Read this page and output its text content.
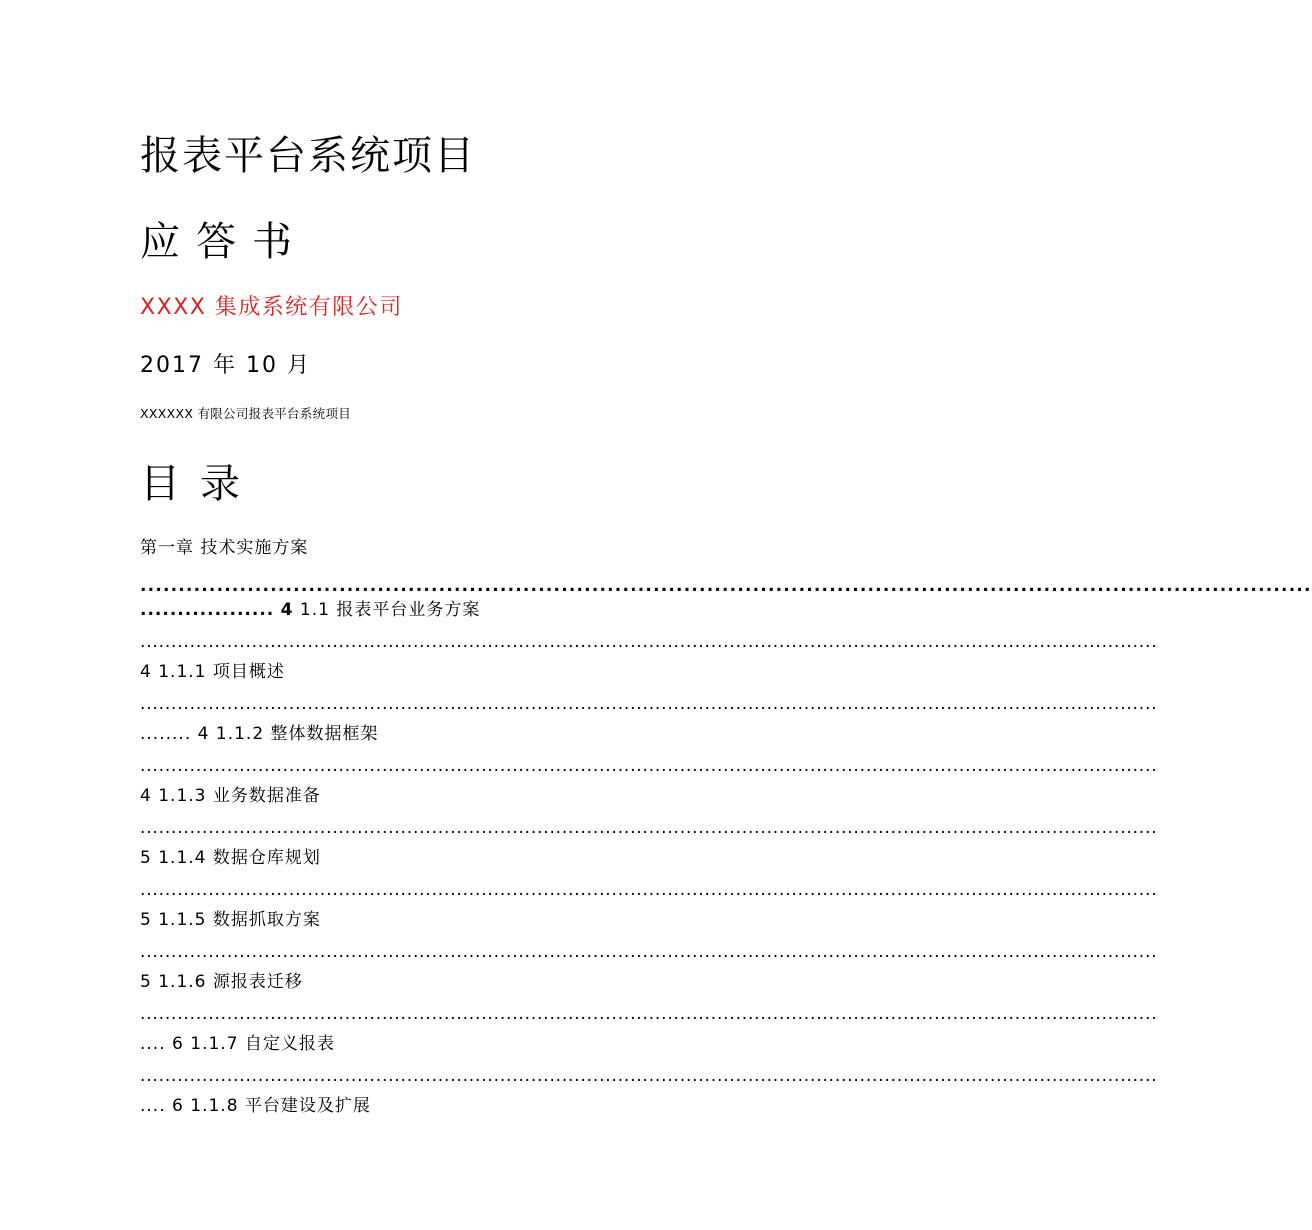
报表平台系统项目
应答书
XXXX 集成系统有限公司
2017 年 10 月
XXXXXX 有限公司报表平台系统项目
目录
第一章 技术实施方案
.........................................................................................................................................................
.................. 4 1.1 报表平台业务方案
....................................................................................................................................................................
4 1.1.1 项目概述
....................................................................................................................................................................
........ 4 1.1.2 整体数据框架
....................................................................................................................................................................
4 1.1.3 业务数据准备
....................................................................................................................................................................
5 1.1.4 数据仓库规划
....................................................................................................................................................................
5 1.1.5 数据抓取方案
....................................................................................................................................................................
5 1.1.6 源报表迁移
....................................................................................................................................................................
.... 6 1.1.7 自定义报表
....................................................................................................................................................................
.... 6 1.1.8 平台建设及扩展
